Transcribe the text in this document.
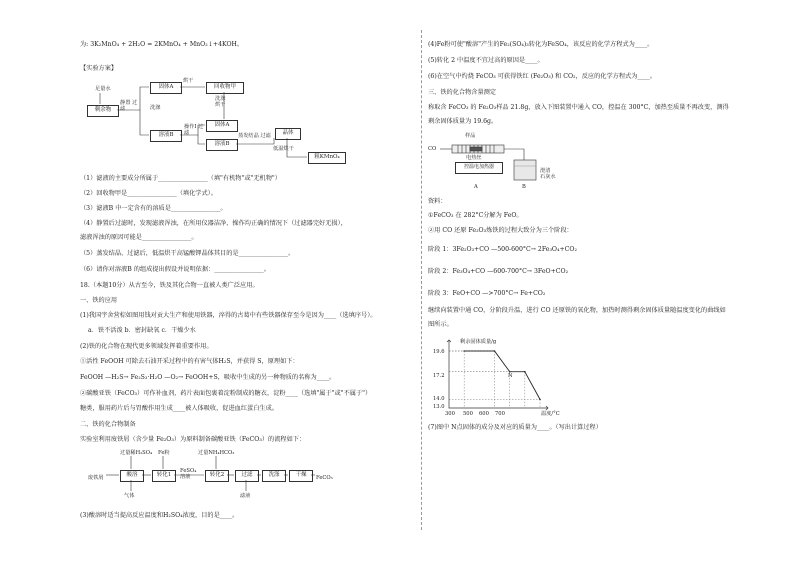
为: 3K₂MnO₄ + 2H₂O = 2KMnO₄ + MnO₂↓+4KOH。
【实验方案】
足量水
剩余物
静置 过滤
固体A
烘干
回收物甲
洗涤
洗涤 烘干
固体A
溶液B
操作I 过滤
溶液B
蒸发结晶 过滤	晶体
低温烘干
粗KMnO₄
（1）滤液的主要成分所属于________________（填"有机物"或"无机物"）
（2）回收物甲是________________（填化学式）。
（3）滤液B 中一定含有的溶质是________________。
（4）静置后过滤时，发现滤液浑浊，在所用仪器洁净、操作均正确的情况下（过滤器完好无损），
滤液浑浊的原因可能是________________。
（5）蒸发结晶、过滤后，低温烘干高锰酸钾晶体其目的是________________。
（6）请你对溶液B 的组成提出假设并说明依据：________________。
18.（本题10分）从古至今，铁及其化合物一直被人类广泛应用。
一、铁的应用
(1)我国宇舍营棕如图用钱对贡大生产和使用铁器，淬得的古葛中有些铁器保存至今是因为____（选填序号）。
a．铁不活泼 b．密封缺氧 c．干燥少水
(2)铁的化合物在现代更多领域发挥着重要作用。
①活性 FeOOH 可除去石油开采过程中的有害气体H₂S，并获得 S，原理如下：
FeOOH —H₂S→ Fe₂S₃·H₂O —O₂→ FeOOH+S，吸收中生成的另一种物质的名称为____。
②碳酸亚铁（FeCO₃）可作补血剂，药片表面包裹着淀粉制成的糖衣，淀粉____（选填"属于"或"不属于"）
糖类，服用药片后与胃酸作用生成____被人体吸收，促进血红蛋白生成。
二、铁的化合物制备
实验室利用废铁屑（含少量 Fe₂O₃）为原料制备碳酸亚铁（FeCO₃）的流程如下：
过量稀H₂SO₄ Fe粉	过量NH₄HCO₃
废铁屑	酸溶	转化1
FeSO₄ 溶液	转化2	过滤	洗涤	干燥	FeCO₃
气体	滤液
(3)酸溶时适当提高反应温度和H₂SO₄浓度，目的是____。
(4)Fe粉可使"酸溶"产生的Fe₂(SO₄)₃转化为FeSO₄，该反应的化学方程式为____。
(5)转化 2 中温度不宜过高的原因是____。
(6)在空气中灼烧 FeCO₃ 可获得铁红 (Fe₂O₃) 和 CO₂，反应的化学方程式为____。
三、铁的化合物含量测定
称取含 FeCO₃ 的 Fe₂O₃样品 21.8g，放入下图装置中通入 CO，控温在 300°C，加热至质量不再改变，测得
剩余固体质量为 19.6g。
CO
样品
电热丝
控温电加热器
澄清 石灰水
A	B
资料：
①FeCO₃ 在 282°C分解为 FeO。
②用 CO 还原 Fe₂O₃炼铁的过程大致分为三个阶段：
阶段 1：3Fe₂O₃+CO —500-600°C→ 2Fe₃O₄+CO₂
阶段 2：Fe₃O₄+CO —600-700°C→ 3FeO+CO₂
阶段 3：FeO+CO —>700°C→ Fe+CO₂
继续向装置中通 CO，分阶段升温，进行 CO 还原铁的氧化物，加热时测得剩余固体质量随温度变化的曲线如
图所示。
剩余固体质量/g
温度/°C
19.6
17.2
14.0
13.0
300 500 600 700
N
(7)图中 N点固体的成分及对应的质量为____。（写出计算过程）
